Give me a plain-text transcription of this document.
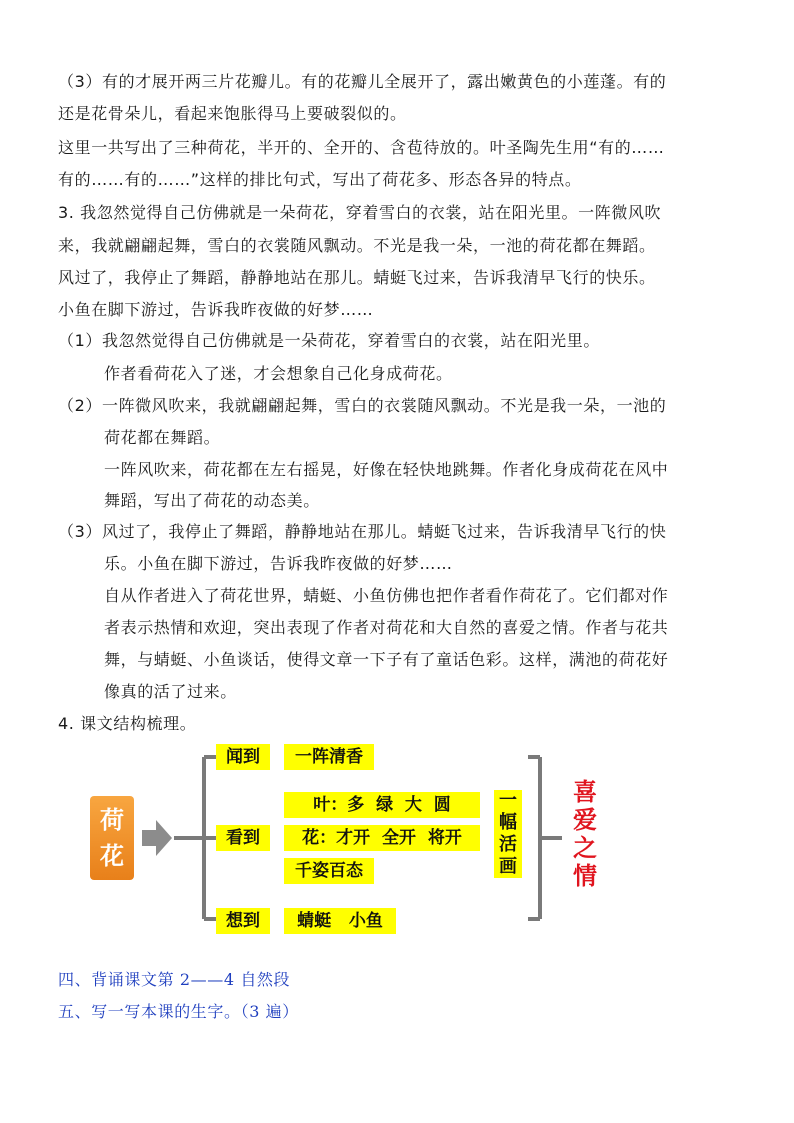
（3）有的才展开两三片花瓣儿。有的花瓣儿全展开了，露出嫩黄色的小莲蓬。有的
还是花骨朵儿，看起来饱胀得马上要破裂似的。
这里一共写出了三种荷花，半开的、全开的、含苞待放的。叶圣陶先生用“有的……
有的……有的……”这样的排比句式，写出了荷花多、形态各异的特点。
3. 我忽然觉得自己仿佛就是一朵荷花，穿着雪白的衣裳，站在阳光里。一阵微风吹
来，我就翩翩起舞，雪白的衣裳随风飘动。不光是我一朵，一池的荷花都在舞蹈。
风过了，我停止了舞蹈，静静地站在那儿。蜻蜓飞过来，告诉我清早飞行的快乐。
小鱼在脚下游过，告诉我昨夜做的好梦……
（1）我忽然觉得自己仿佛就是一朵荷花，穿着雪白的衣裳，站在阳光里。
作者看荷花入了迷，才会想象自己化身成荷花。
（2）一阵微风吹来，我就翩翩起舞，雪白的衣裳随风飘动。不光是我一朵，一池的
荷花都在舞蹈。
一阵风吹来，荷花都在左右摇晃，好像在轻快地跳舞。作者化身成荷花在风中
舞蹈，写出了荷花的动态美。
（3）风过了，我停止了舞蹈，静静地站在那儿。蜻蜓飞过来，告诉我清早飞行的快
乐。小鱼在脚下游过，告诉我昨夜做的好梦……
自从作者进入了荷花世界，蜻蜓、小鱼仿佛也把作者看作荷花了。它们都对作
者表示热情和欢迎，突出表现了作者对荷花和大自然的喜爱之情。作者与花共
舞，与蜻蜓、小鱼谈话，使得文章一下子有了童话色彩。这样，满池的荷花好
像真的活了过来。
4. 课文结构梳理。
荷花
闻到	一阵清香
看到
叶：多  绿  大  圆
花：才开  全开  将开
千姿百态
想到	蜻蜓   小鱼
一幅活画
喜爱之情
四、背诵课文第 2——4 自然段
五、写一写本课的生字。（3 遍）
